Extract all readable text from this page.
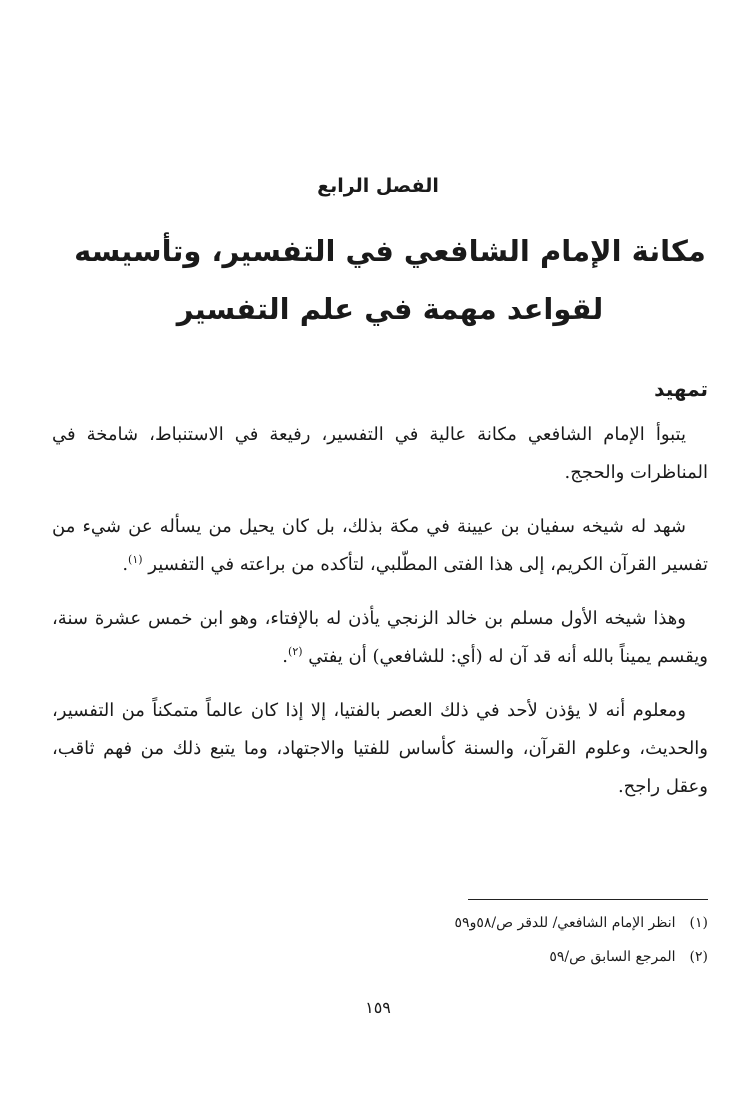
الفصل الرابع
مكانة الإمام الشافعي في التفسير، وتأسيسه لقواعد مهمة في علم التفسير
تمهيد

يتبوأ الإمام الشافعي مكانة عالية في التفسير، رفيعة في الاستنباط، شامخة في المناظرات والحجج.

شهد له شيخه سفيان بن عيينة في مكة بذلك، بل كان يحيل من يسأله عن شيء من تفسير القرآن الكريم، إلى هذا الفتى المطّلبي، لتأكده من براعته في التفسير $^{(١)}$.

وهذا شيخه الأول مسلم بن خالد الزنجي يأذن له بالإفتاء، وهو ابن خمس عشرة سنة، ويقسم يميناً بالله أنه قد آن له (أي: للشافعي) أن يفتي $^{(٢)}$.

ومعلوم أنه لا يؤذن لأحد في ذلك العصر بالفتيا، إلا إذا كان عالماً متمكناً من التفسير، والحديث، وعلوم القرآن، والسنة كأساس للفتيا والاجتهاد، وما يتبع ذلك من فهم ثاقب، وعقل راجح.

(١)
انظر الإمام الشافعي/ للدقر ص/٥٨و٥٩
(٢)
المرجع السابق ص/٥٩
١٥٩
